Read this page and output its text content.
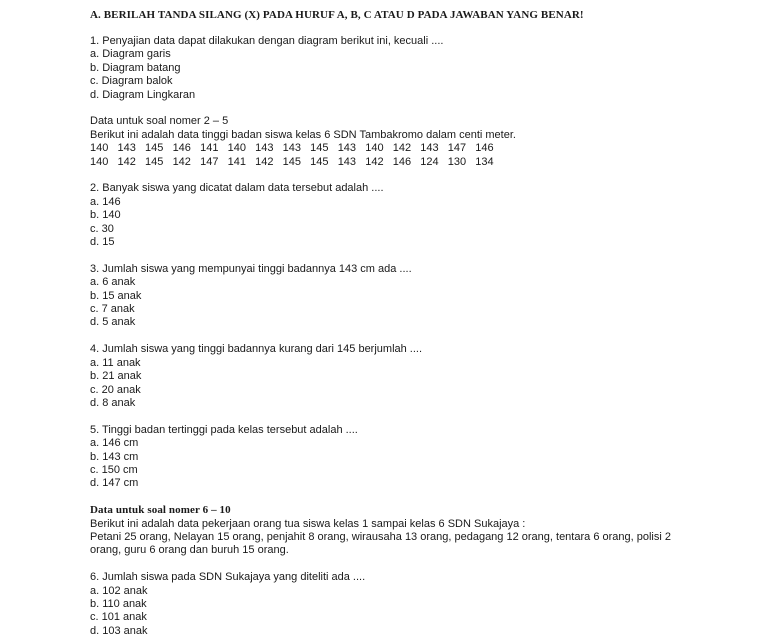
A. BERILAH TANDA SILANG (X) PADA HURUF A, B, C ATAU D PADA JAWABAN YANG BENAR!
1. Penyajian data dapat dilakukan dengan diagram berikut ini, kecuali ....
a. Diagram garis
b. Diagram batang
c. Diagram balok
d. Diagram Lingkaran
Data untuk soal nomer 2 – 5
Berikut ini adalah data tinggi badan siswa kelas 6 SDN Tambakromo dalam centi meter.
140   143   145   146   141   140   143   143   145   143   140   142   143   147   146
140   142   145   142   147   141   142   145   145   143   142   146   124   130   134
2. Banyak siswa yang dicatat dalam data tersebut adalah ....
a. 146
b. 140
c. 30
d. 15
3. Jumlah siswa yang mempunyai tinggi badannya 143 cm ada ....
a. 6 anak
b. 15 anak
c. 7 anak
d. 5 anak
4. Jumlah siswa yang tinggi badannya kurang dari 145 berjumlah ....
a. 11 anak
b. 21 anak
c. 20 anak
d. 8 anak
5. Tinggi badan tertinggi pada kelas tersebut adalah ....
a. 146 cm
b. 143 cm
c. 150 cm
d. 147 cm
Data untuk soal nomer 6 – 10
Berikut ini adalah data pekerjaan orang tua siswa kelas 1 sampai kelas 6 SDN Sukajaya :
Petani 25 orang, Nelayan 15 orang, penjahit 8 orang, wirausaha 13 orang, pedagang 12 orang, tentara 6 orang, polisi 2 orang, guru 6 orang dan buruh 15 orang.
6. Jumlah siswa pada SDN Sukajaya yang diteliti ada ....
a. 102 anak
b. 110 anak
c. 101 anak
d. 103 anak
